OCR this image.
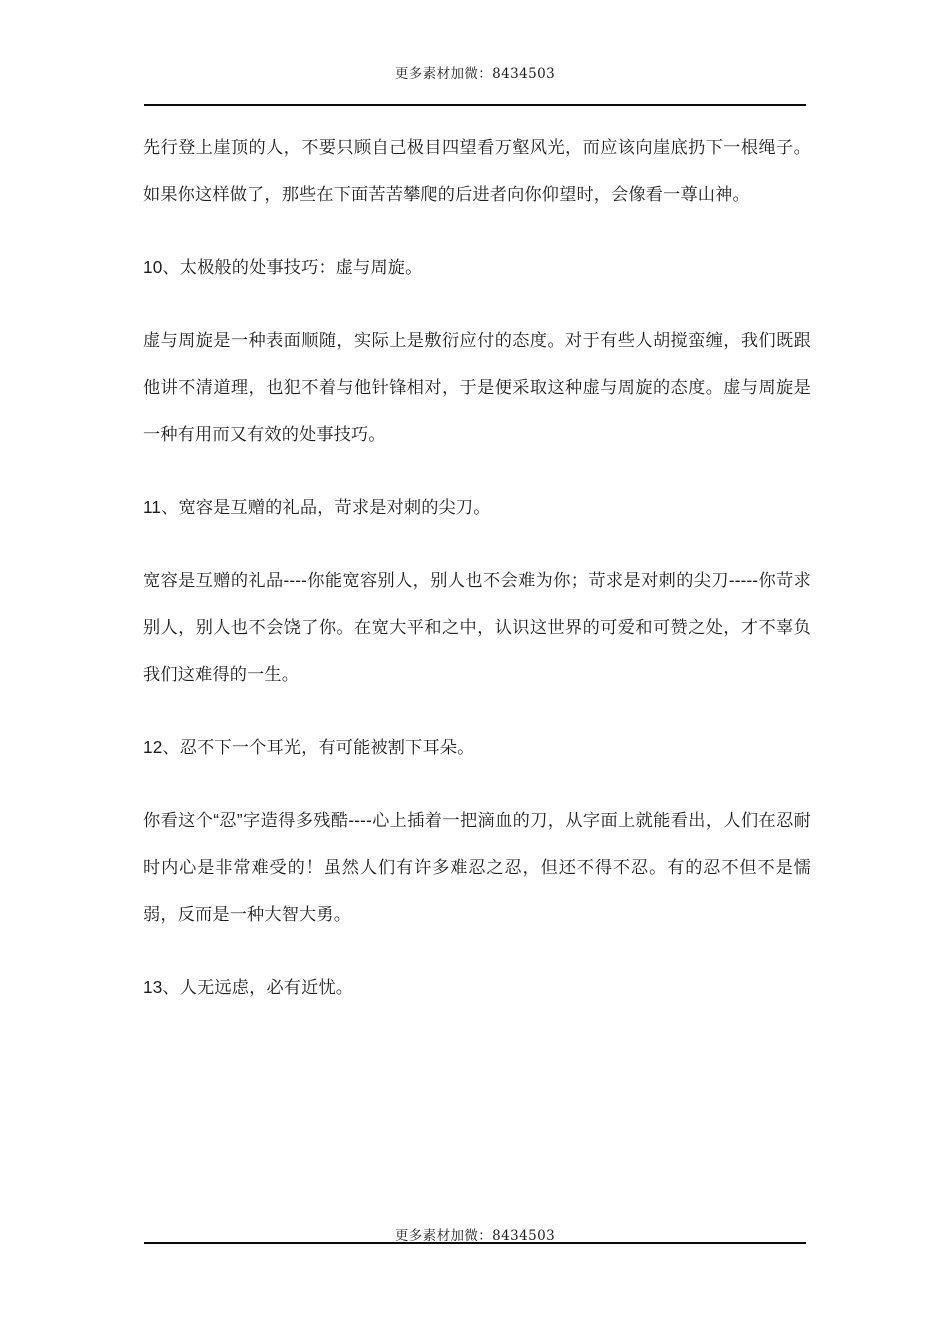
更多素材加微：8434503

先行登上崖顶的人，不要只顾自己极目四望看万壑风光，而应该向崖底扔下一根绳子。如果你这样做了，那些在下面苦苦攀爬的后进者向你仰望时，会像看一尊山神。

10、太极般的处事技巧：虚与周旋。

虚与周旋是一种表面顺随，实际上是敷衍应付的态度。对于有些人胡搅蛮缠，我们既跟他讲不清道理，也犯不着与他针锋相对，于是便采取这种虚与周旋的态度。虚与周旋是一种有用而又有效的处事技巧。

11、宽容是互赠的礼品，苛求是对刺的尖刀。

宽容是互赠的礼品----你能宽容别人，别人也不会难为你；苛求是对刺的尖刀-----你苛求别人，别人也不会饶了你。在宽大平和之中，认识这世界的可爱和可赞之处，才不辜负我们这难得的一生。

12、忍不下一个耳光，有可能被割下耳朵。

你看这个“忍”字造得多残酷----心上插着一把滴血的刀，从字面上就能看出，人们在忍耐时内心是非常难受的！虽然人们有许多难忍之忍，但还不得不忍。有的忍不但不是懦弱，反而是一种大智大勇。

13、人无远虑，必有近忧。

更多素材加微：8434503
